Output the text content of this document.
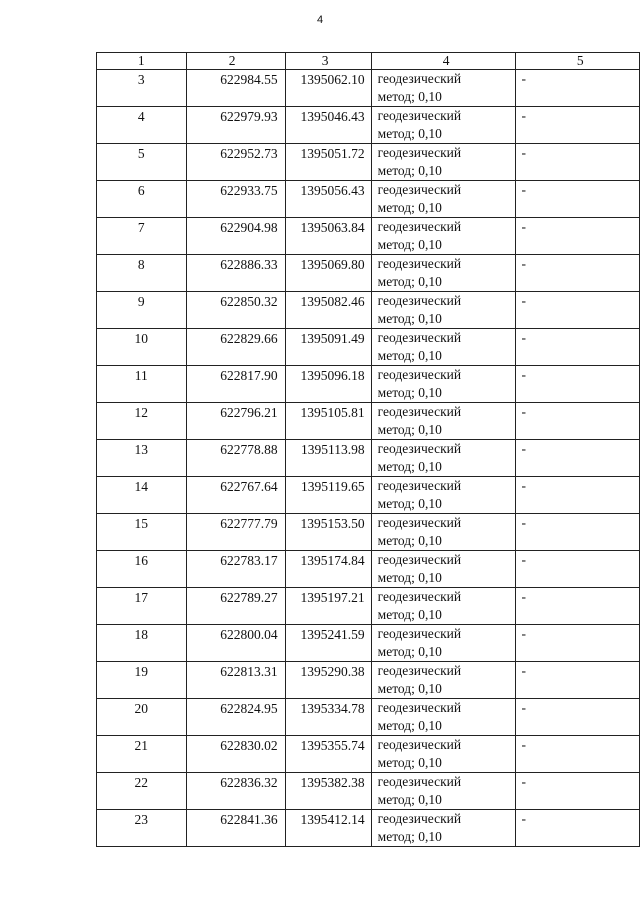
4
1	2	3	4	5
3	622984.55	1395062.10	геодезический
метод; 0,10	-
4	622979.93	1395046.43	геодезический
метод; 0,10	-
5	622952.73	1395051.72	геодезический
метод; 0,10	-
6	622933.75	1395056.43	геодезический
метод; 0,10	-
7	622904.98	1395063.84	геодезический
метод; 0,10	-
8	622886.33	1395069.80	геодезический
метод; 0,10	-
9	622850.32	1395082.46	геодезический
метод; 0,10	-
10	622829.66	1395091.49	геодезический
метод; 0,10	-
11	622817.90	1395096.18	геодезический
метод; 0,10	-
12	622796.21	1395105.81	геодезический
метод; 0,10	-
13	622778.88	1395113.98	геодезический
метод; 0,10	-
14	622767.64	1395119.65	геодезический
метод; 0,10	-
15	622777.79	1395153.50	геодезический
метод; 0,10	-
16	622783.17	1395174.84	геодезический
метод; 0,10	-
17	622789.27	1395197.21	геодезический
метод; 0,10	-
18	622800.04	1395241.59	геодезический
метод; 0,10	-
19	622813.31	1395290.38	геодезический
метод; 0,10	-
20	622824.95	1395334.78	геодезический
метод; 0,10	-
21	622830.02	1395355.74	геодезический
метод; 0,10	-
22	622836.32	1395382.38	геодезический
метод; 0,10	-
23	622841.36	1395412.14	геодезический
метод; 0,10	-
